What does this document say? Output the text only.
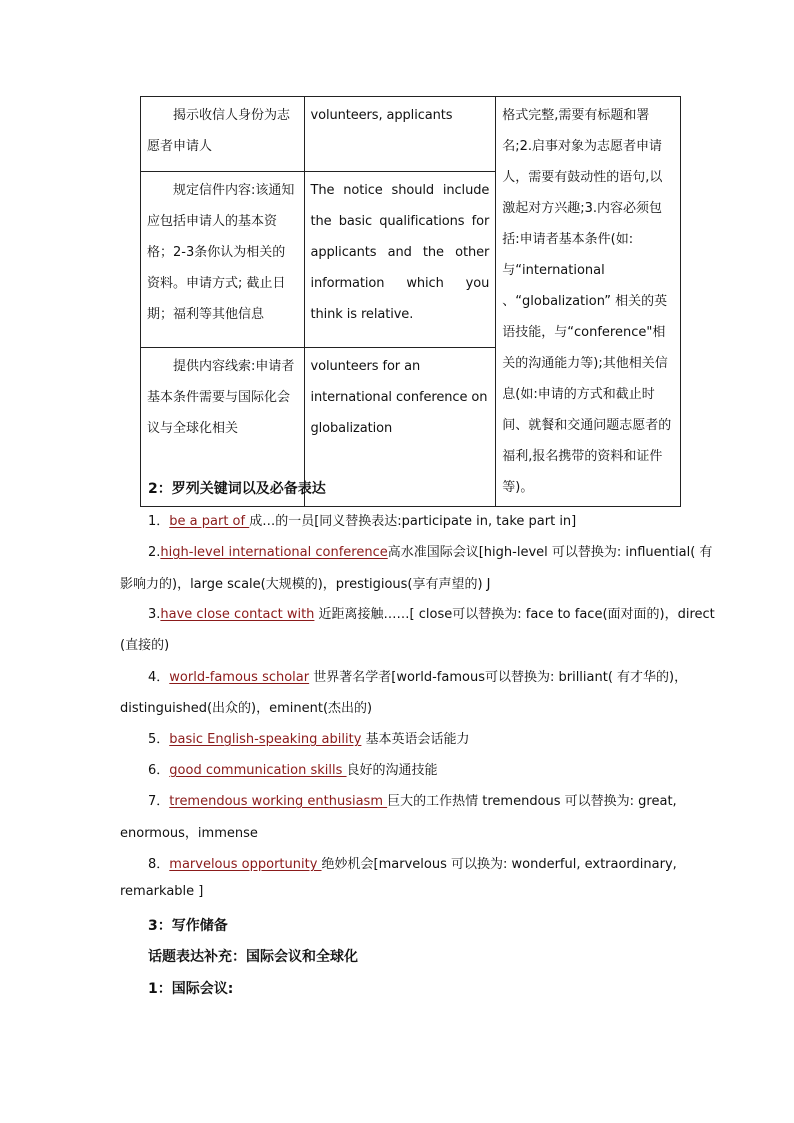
揭示收信人身份为志愿者申请人	volunteers, applicants	格式完整,需要有标题和署名;2.启事对象为志愿者申请人，需要有鼓动性的语句,以激起对方兴趣;3.内容必须包括:申请者基本条件(如:与“international 、“globalization” 相关的英语技能，与“conference"相关的沟通能力等);其他相关信息(如:申请的方式和截止时间、就餐和交通问题志愿者的福利,报名携带的资料和证件等)。
规定信件内容:该通知应包括申请人的基本资格；2-3条你认为相关的资料。申请方式; 截止日期；福利等其他信息	The notice should include the basic qualifications for applicants and the other information which you think is relative.	
提供内容线索:申请者基本条件需要与国际化会议与全球化相关	volunteers for an international conference on globalization	
2：罗列关键词以及必备表达
1．be a part of 成…的一员[同义替换表达:participate in, take part in]
2.high-level international conference高水准国际会议[high-level 可以替换为: influential( 有
影响力的)，large scale(大规模的)，prestigious(享有声望的) J
3.have close contact with 近距离接触……[ close可以替换为: face to face(面对面的)，direct
(直接的)
4．world-famous scholar 世界著名学者[world-famous可以替换为: brilliant( 有才华的)，
distinguished(出众的)，eminent(杰出的)
5．basic English-speaking ability 基本英语会话能力
6．good communication skills 良好的沟通技能
7．tremendous working enthusiasm 巨大的工作热情 tremendous 可以替换为: great,
enormous，immense
8．marvelous opportunity 绝妙机会[marvelous 可以换为: wonderful, extraordinary,
remarkable ]
3：写作储备
话题表达补充：国际会议和全球化
1：国际会议:
